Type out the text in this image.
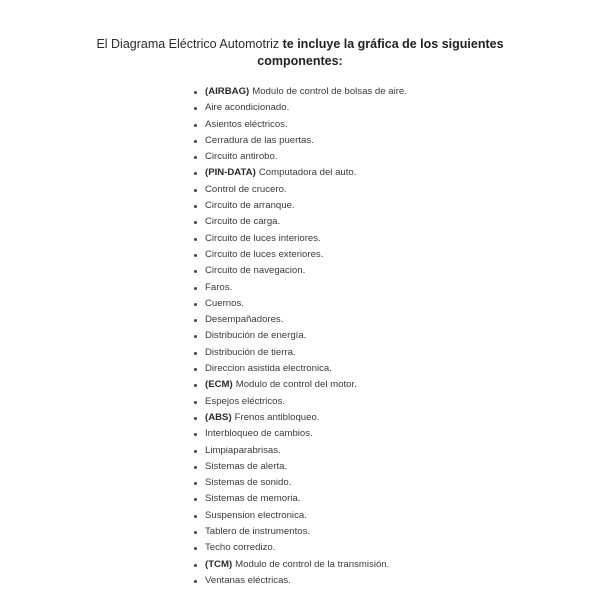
El Diagrama Eléctrico Automotriz te incluye la gráfica de los siguientes
componentes:
(AIRBAG) Modulo de control de bolsas de aire.
Aire acondicionado.
Asientos eléctricos.
Cerradura de las puertas.
Circuito antirobo.
(PIN-DATA) Computadora del auto.
Control de crucero.
Circuito de arranque.
Circuito de carga.
Circuito de luces interiores.
Circuito de luces exteriores.
Circuito de navegacion.
Faros.
Cuernos.
Desempañadores.
Distribución de energía.
Distribución de tierra.
Direccion asistida electronica.
(ECM) Modulo de control del motor.
Espejos eléctricos.
(ABS) Frenos antibloqueo.
Interbloqueo de cambios.
Limpiaparabrisas.
Sistemas de alerta.
Sistemas de sonido.
Sistemas de memoria.
Suspension electronica.
Tablero de instrumentos.
Techo corredizo.
(TCM) Modulo de control de la transmisión.
Ventanas eléctricas.
